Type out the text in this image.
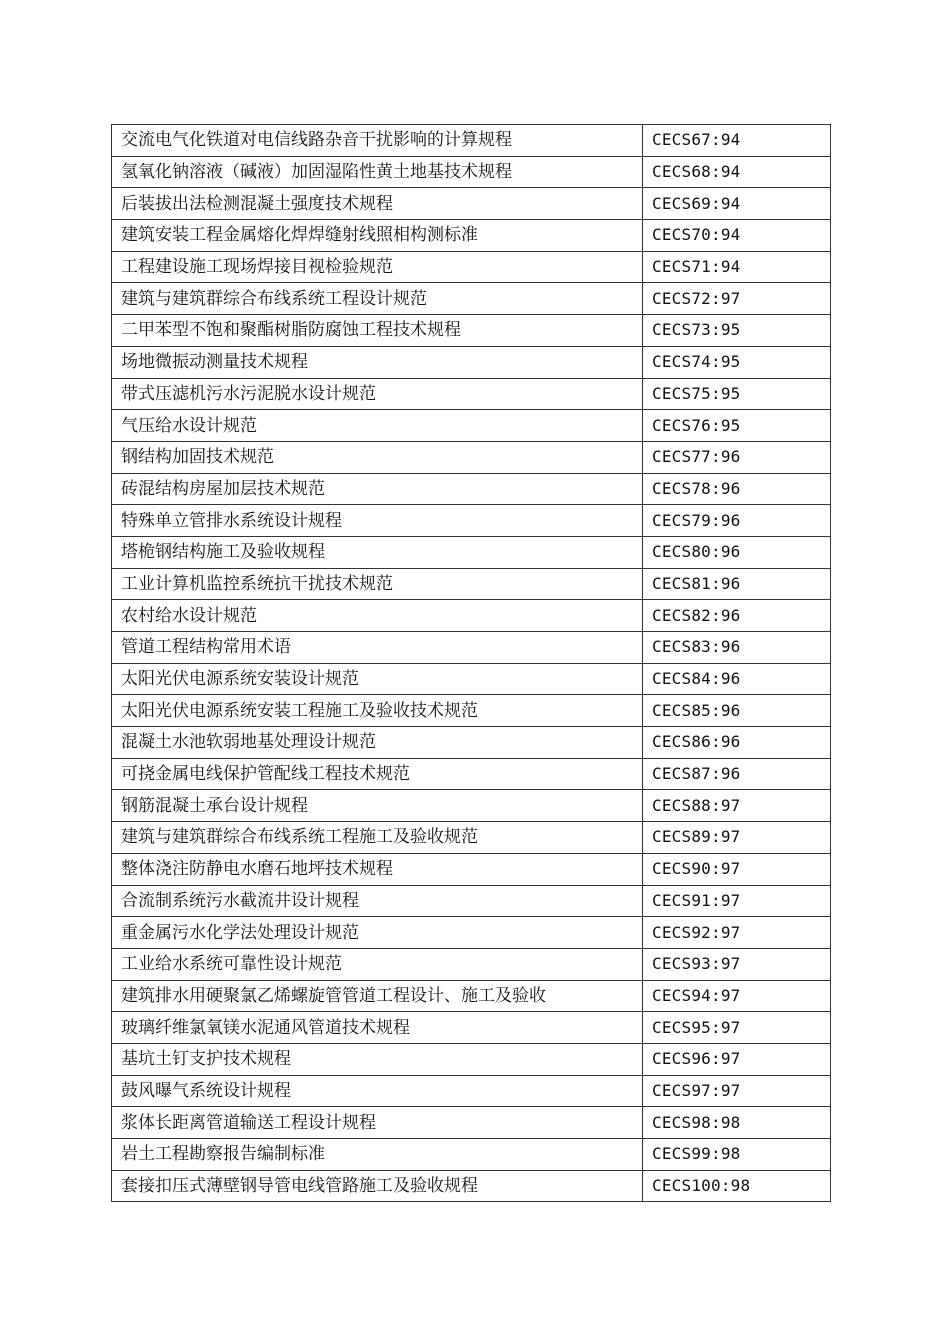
交流电气化铁道对电信线路杂音干扰影响的计算规程	CECS67:94
氢氧化钠溶液（碱液）加固湿陷性黄土地基技术规程	CECS68:94
后装拔出法检测混凝土强度技术规程	CECS69:94
建筑安装工程金属熔化焊焊缝射线照相构测标准	CECS70:94
工程建设施工现场焊接目视检验规范	CECS71:94
建筑与建筑群综合布线系统工程设计规范	CECS72:97
二甲苯型不饱和聚酯树脂防腐蚀工程技术规程	CECS73:95
场地微振动测量技术规程	CECS74:95
带式压滤机污水污泥脱水设计规范	CECS75:95
气压给水设计规范	CECS76:95
钢结构加固技术规范	CECS77:96
砖混结构房屋加层技术规范	CECS78:96
特殊单立管排水系统设计规程	CECS79:96
塔桅钢结构施工及验收规程	CECS80:96
工业计算机监控系统抗干扰技术规范	CECS81:96
农村给水设计规范	CECS82:96
管道工程结构常用术语	CECS83:96
太阳光伏电源系统安装设计规范	CECS84:96
太阳光伏电源系统安装工程施工及验收技术规范	CECS85:96
混凝土水池软弱地基处理设计规范	CECS86:96
可挠金属电线保护管配线工程技术规范	CECS87:96
钢筋混凝土承台设计规程	CECS88:97
建筑与建筑群综合布线系统工程施工及验收规范	CECS89:97
整体浇注防静电水磨石地坪技术规程	CECS90:97
合流制系统污水截流井设计规程	CECS91:97
重金属污水化学法处理设计规范	CECS92:97
工业给水系统可靠性设计规范	CECS93:97
建筑排水用硬聚氯乙烯螺旋管管道工程设计、施工及验收	CECS94:97
玻璃纤维氯氧镁水泥通风管道技术规程	CECS95:97
基坑土钉支护技术规程	CECS96:97
鼓风曝气系统设计规程	CECS97:97
浆体长距离管道输送工程设计规程	CECS98:98
岩土工程勘察报告编制标准	CECS99:98
套接扣压式薄壁钢导管电线管路施工及验收规程	CECS100:98
